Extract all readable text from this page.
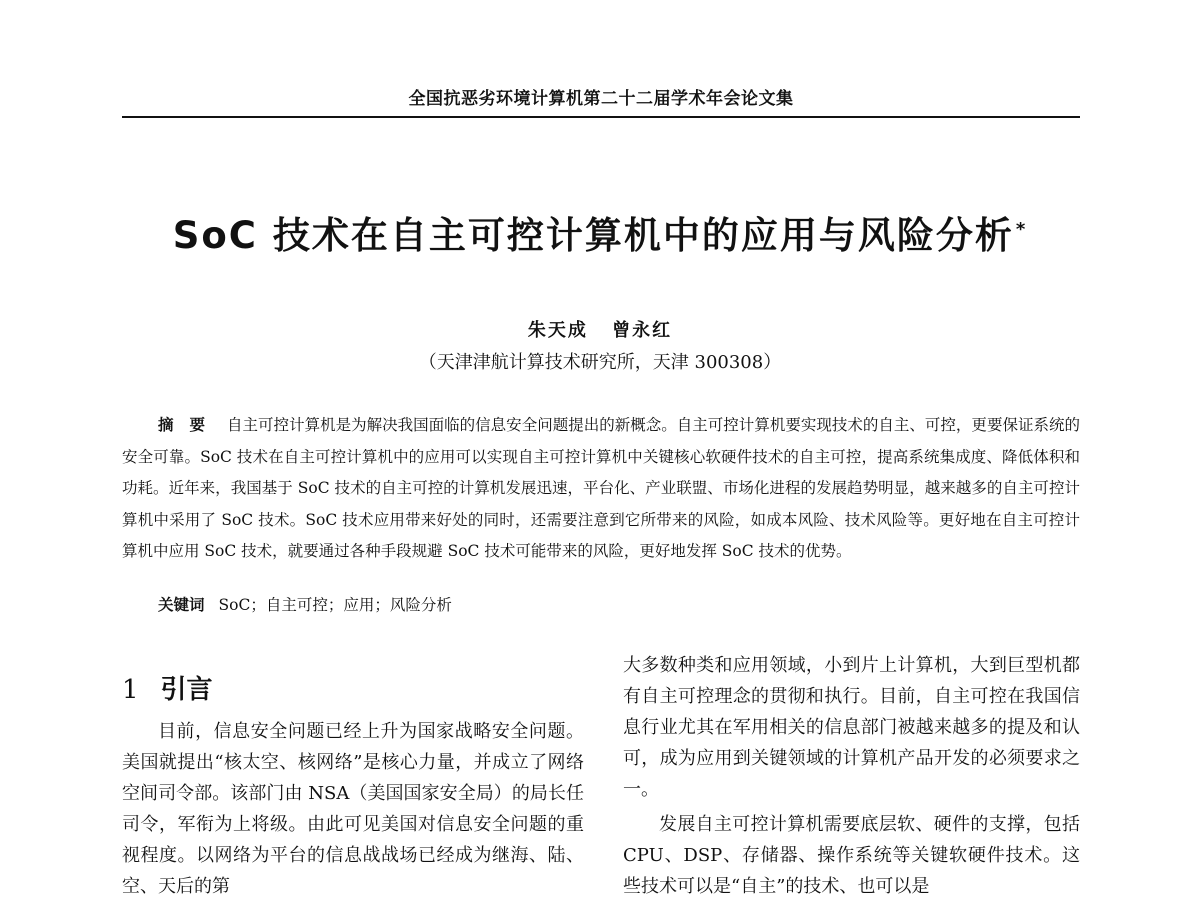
全国抗恶劣环境计算机第二十二届学术年会论文集
SoC 技术在自主可控计算机中的应用与风险分析 *
朱天成 曾永红
（天津津航计算技术研究所，天津 300308）
摘要 自主可控计算机是为解决我国面临的信息安全问题提出的新概念。自主可控计算机要实现技术的自主、可控，更要保证系统的安全可靠。SoC 技术在自主可控计算机中的应用可以实现自主可控计算机中关键核心软硬件技术的自主可控，提高系统集成度、降低体积和功耗。近年来，我国基于 SoC 技术的自主可控的计算机发展迅速，平台化、产业联盟、市场化进程的发展趋势明显，越来越多的自主可控计算机中采用了 SoC 技术。SoC 技术应用带来好处的同时，还需要注意到它所带来的风险，如成本风险、技术风险等。更好地在自主可控计算机中应用 SoC 技术，就要通过各种手段规避 SoC 技术可能带来的风险，更好地发挥 SoC 技术的优势。
关键词 SoC；自主可控；应用；风险分析
1 引言

目前，信息安全问题已经上升为国家战略安全问题。美国就提出“核太空、核网络”是核心力量，并成立了网络空间司令部。该部门由 NSA（美国国家安全局）的局长任司令，军衔为上将级。由此可见美国对信息安全问题的重视程度。以网络为平台的信息战战场已经成为继海、陆、空、天后的第

大多数种类和应用领域，小到片上计算机，大到巨型机都有自主可控理念的贯彻和执行。目前，自主可控在我国信息行业尤其在军用相关的信息部门被越来越多的提及和认可，成为应用到关键领域的计算机产品开发的必须要求之一。

发展自主可控计算机需要底层软、硬件的支撑，包括 CPU、DSP、存储器、操作系统等关键软硬件技术。这些技术可以是“自主”的技术、也可以是
